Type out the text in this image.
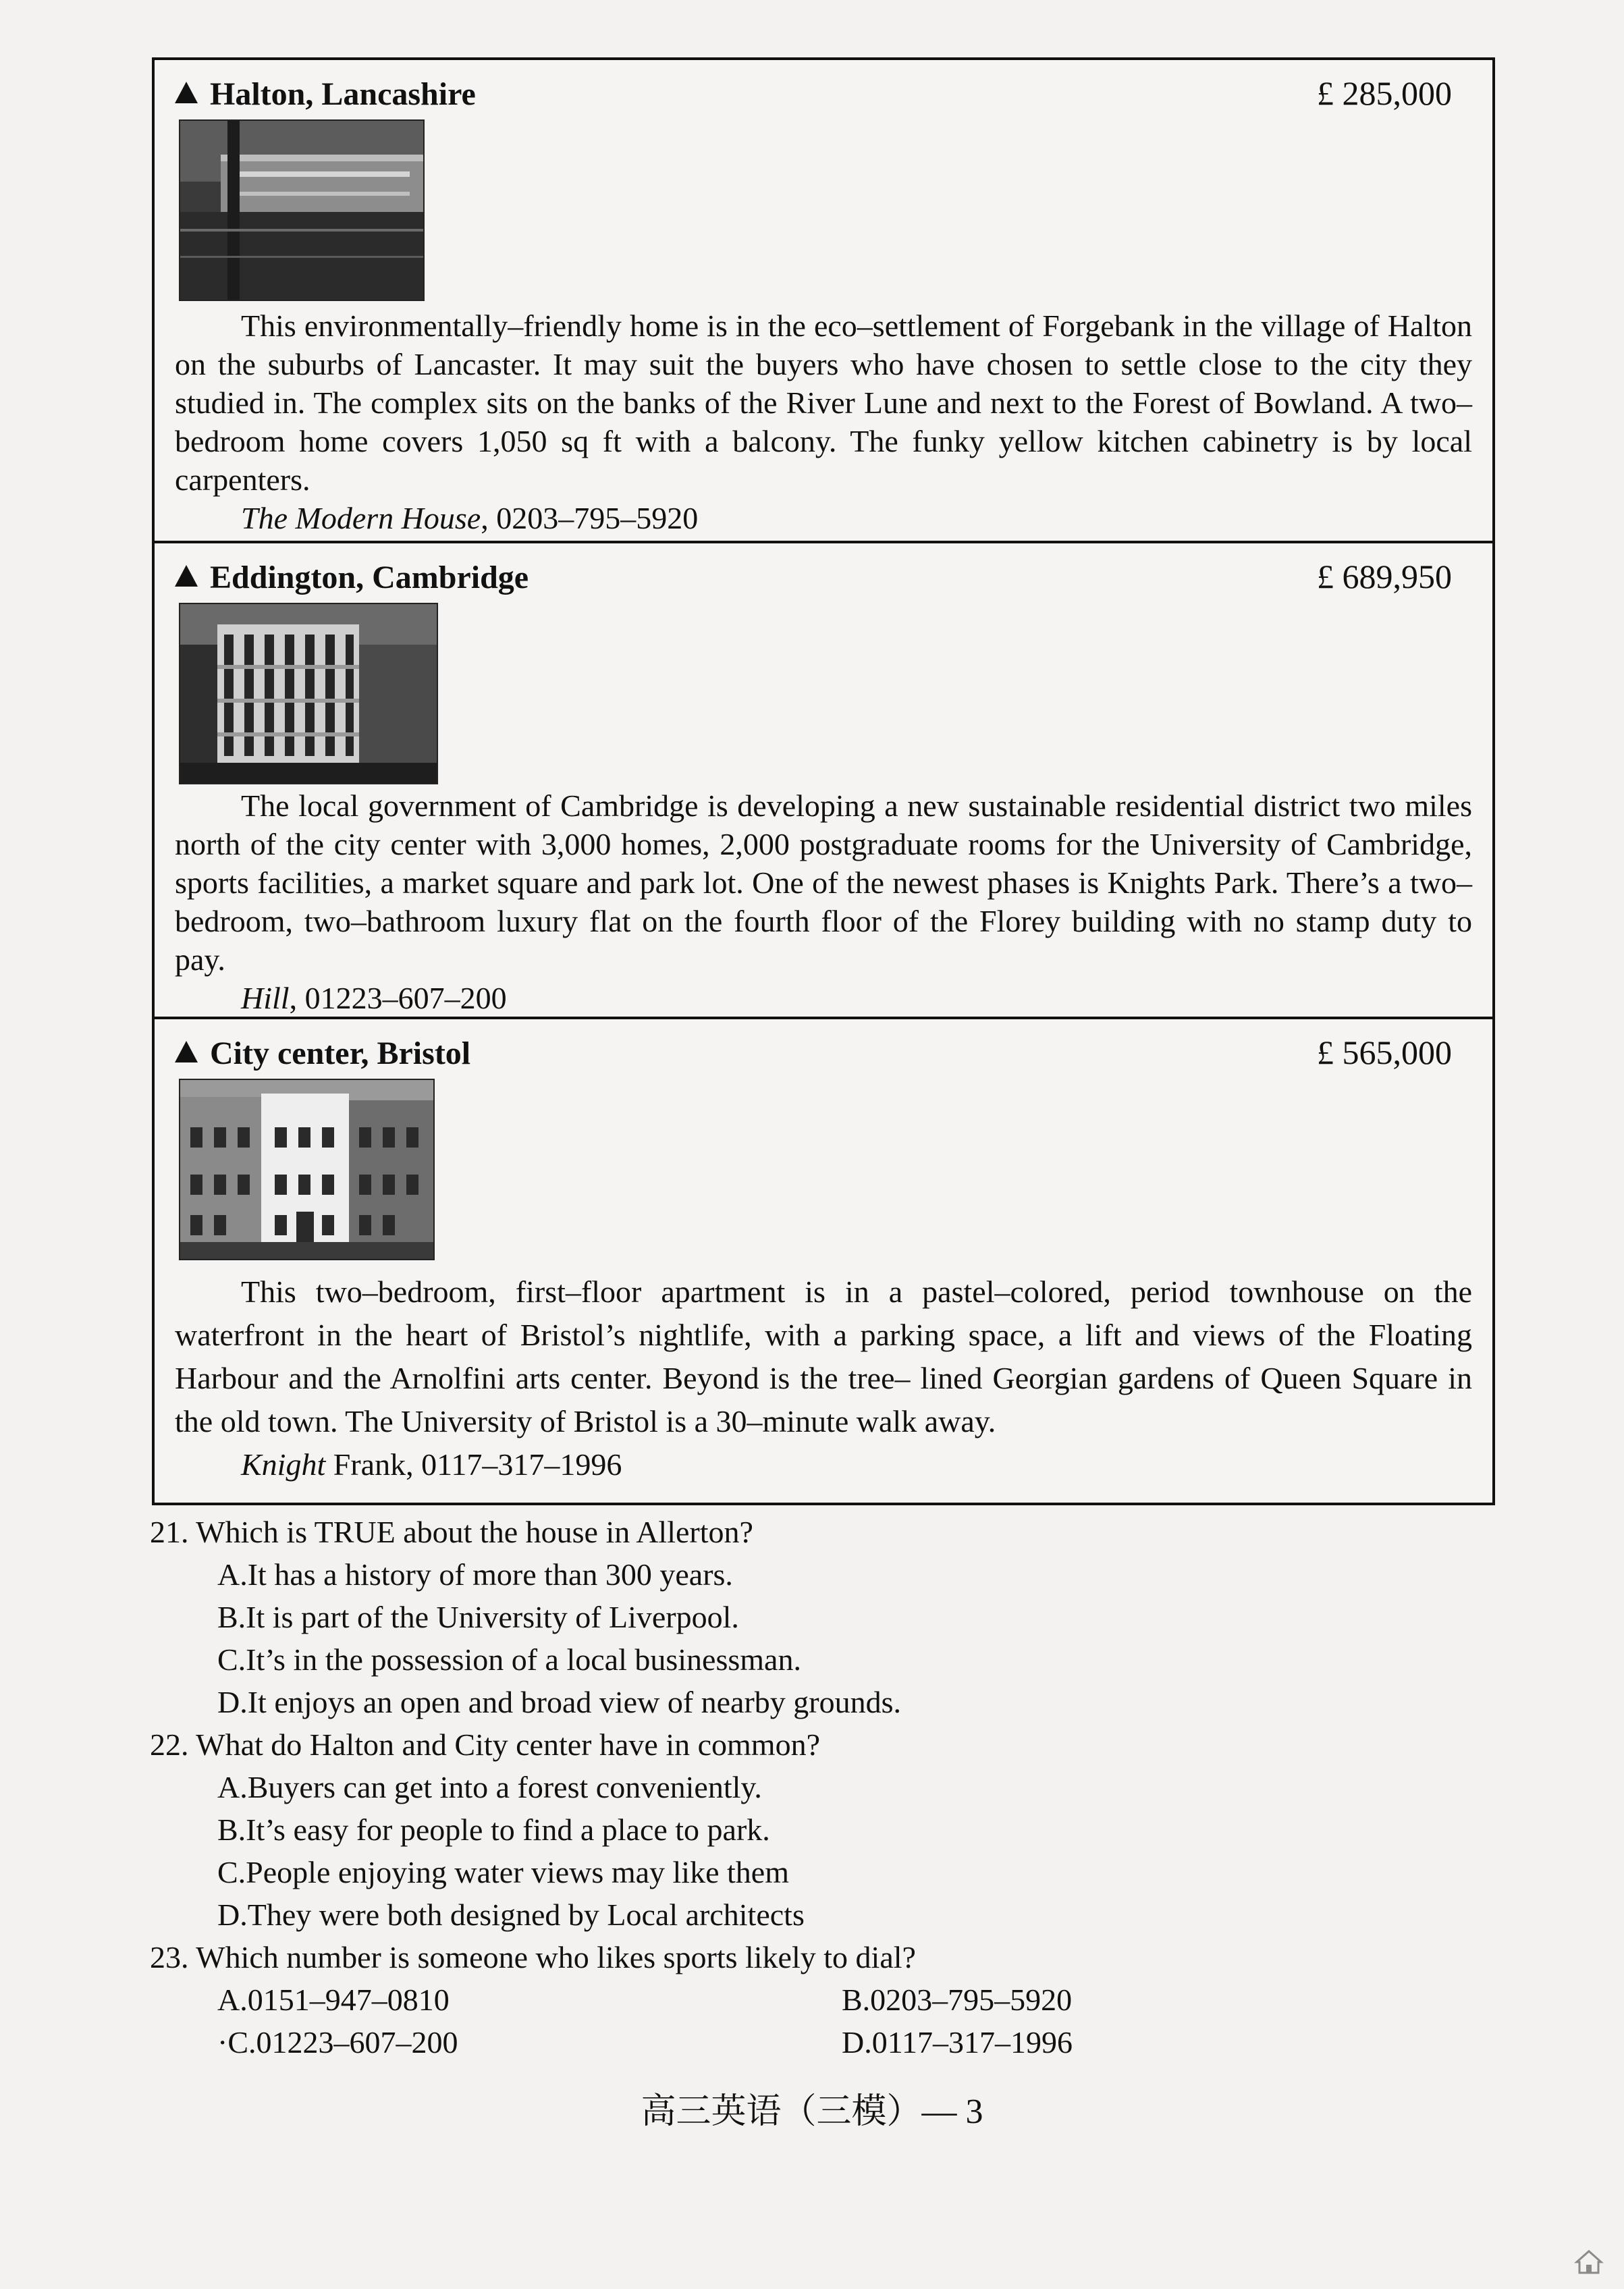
Halton, Lancashire	£ 285,000

This environmentally–friendly home is in the eco–settlement of Forgebank in the village of Halton on the suburbs of Lancaster. It may suit the buyers who have chosen to settle close to the city they studied in. The complex sits on the banks of the River Lune and next to the Forest of Bowland. A two–bedroom home covers 1,050 sq ft with a balcony. The funky yellow kitchen cabinetry is by local carpenters.

The Modern House, 0203–795–5920
Eddington, Cambridge	£ 689,950

The local government of Cambridge is developing a new sustainable residential district two miles north of the city center with 3,000 homes, 2,000 postgraduate rooms for the University of Cambridge, sports facilities, a market square and park lot. One of the newest phases is Knights Park. There’s a two–bedroom, two–bathroom luxury flat on the fourth floor of the Florey building with no stamp duty to pay.

Hill, 01223–607–200
City center, Bristol	£ 565,000

This two–bedroom, first–floor apartment is in a pastel–colored, period townhouse on the waterfront in the heart of Bristol’s nightlife, with a parking space, a lift and views of the Floating Harbour and the Arnolfini arts center. Beyond is the tree– lined Georgian gardens of Queen Square in the old town. The University of Bristol is a 30–minute walk away.

Knight Frank, 0117–317–1996

21. Which is TRUE about the house in Allerton?

A.It has a history of more than 300 years.

B.It is part of the University of Liverpool.

C.It’s in the possession of a local businessman.

D.It enjoys an open and broad view of nearby grounds.

22. What do Halton and City center have in common?

A.Buyers can get into a forest conveniently.

B.It’s easy for people to find a place to park.

C.People enjoying water views may like them

D.They were both designed by Local architects

23. Which number is someone who likes sports likely to dial?

A.0151–947–0810	B.0203–795–5920
·C.01223–607–200	D.0117–317–1996
高三英语（三模）— 3
